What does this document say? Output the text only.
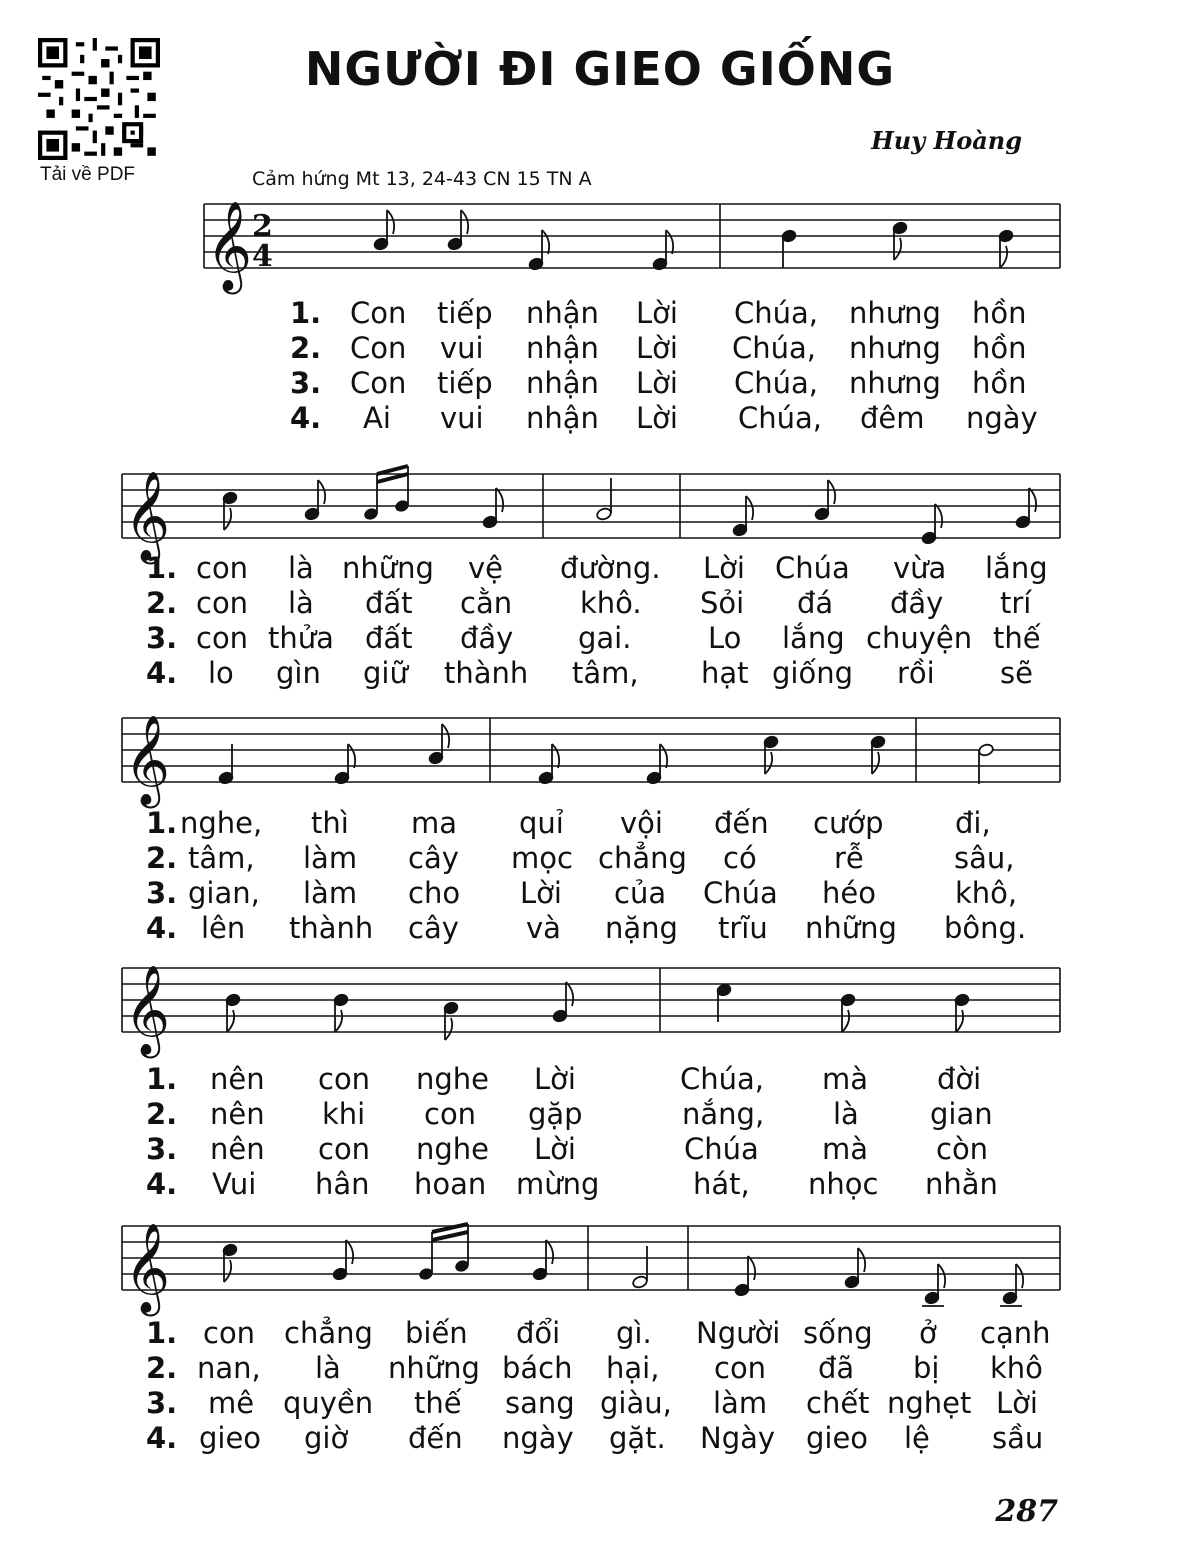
Tải về PDF
NGƯỜI ĐI GIEO GIỐNG
Huy Hoàng
Cảm hứng Mt 13, 24-43 CN 15 TN A
𝄞
𝄞
𝄞
𝄞
𝄞
2
4
1. Con tiếp nhận Lời Chúa, nhưng hồn
2. Con vui nhận Lời Chúa, nhưng hồn
3. Con tiếp nhận Lời Chúa, nhưng hồn
4. Ai vui nhận Lời Chúa, đêm ngày
1. con là những vệ đường. Lời Chúa vừa lắng
2. con là đất cằn khô. Sỏi đá đầy trí
3. con thửa đất đầy gai.	Lo lắng chuyện thế
4. lo gìn giữ thành tâm, hạt giống rồi sẽ
1. nghe, thì ma quỉ vội đến cướp đi,
2. tâm, làm cây mọc chẳng có	rễ	sâu,
3. gian, làm cho Lời của Chúa héo	khô,
4. lên thành cây và nặng trĩu những bông.
1. nên con nghe Lời	Chúa, mà đời
2. nên khi con gặp	nắng, là gian
3. nên con nghe Lời	Chúa mà còn
4. Vui hân hoan mừng	hát, nhọc nhằn
1. con chẳng biến đổi gì. Người sống ở cạnh
2. nan, là những bách hại, con đã bị khô
3. mê quyền thế sang giàu, làm chết nghẹt Lời
4. gieo giờ đến ngày gặt. Ngày gieo lệ sầu
287
